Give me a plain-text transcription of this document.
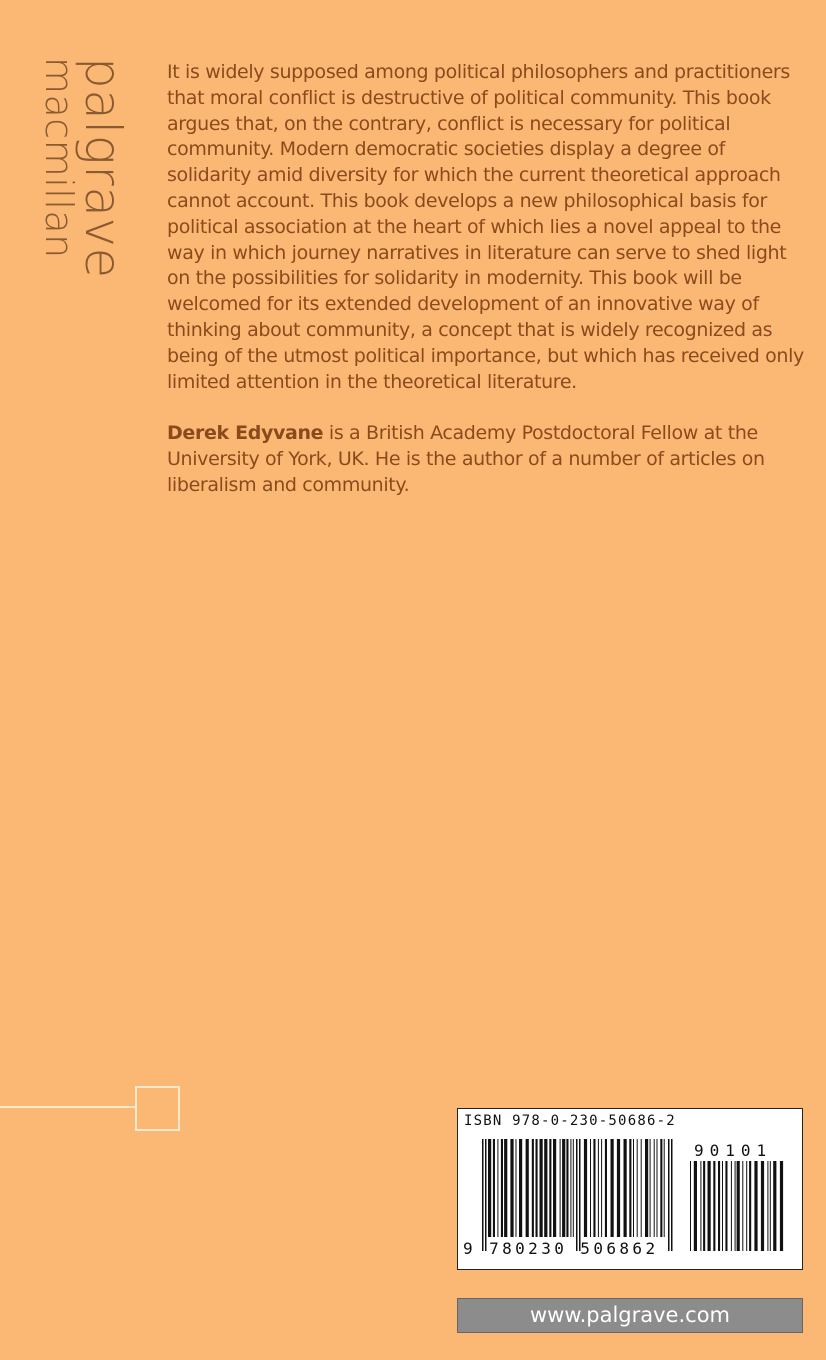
palgrave
macmillan	It is widely supposed among political philosophers and practitioners that moral conflict is destructive of political community. This book argues that, on the contrary, conflict is necessary for political community. Modern democratic societies display a degree of solidarity amid diversity for which the current theoretical approach cannot account. This book develops a new philosophical basis for political association at the heart of which lies a novel appeal to the way in which journey narratives in literature can serve to shed light on the possibilities for solidarity in modernity. This book will be welcomed for its extended development of an innovative way of thinking about community, a concept that is widely recognized as being of the utmost political importance, but which has received only limited attention in the theoretical literature.

Derek Edyvane is a British Academy Postdoctoral Fellow at the University of York, UK. He is the author of a number of articles on liberalism and community.

ISBN 978-0-230-50686-2
9 780230 506862
90101
www.palgrave.com
